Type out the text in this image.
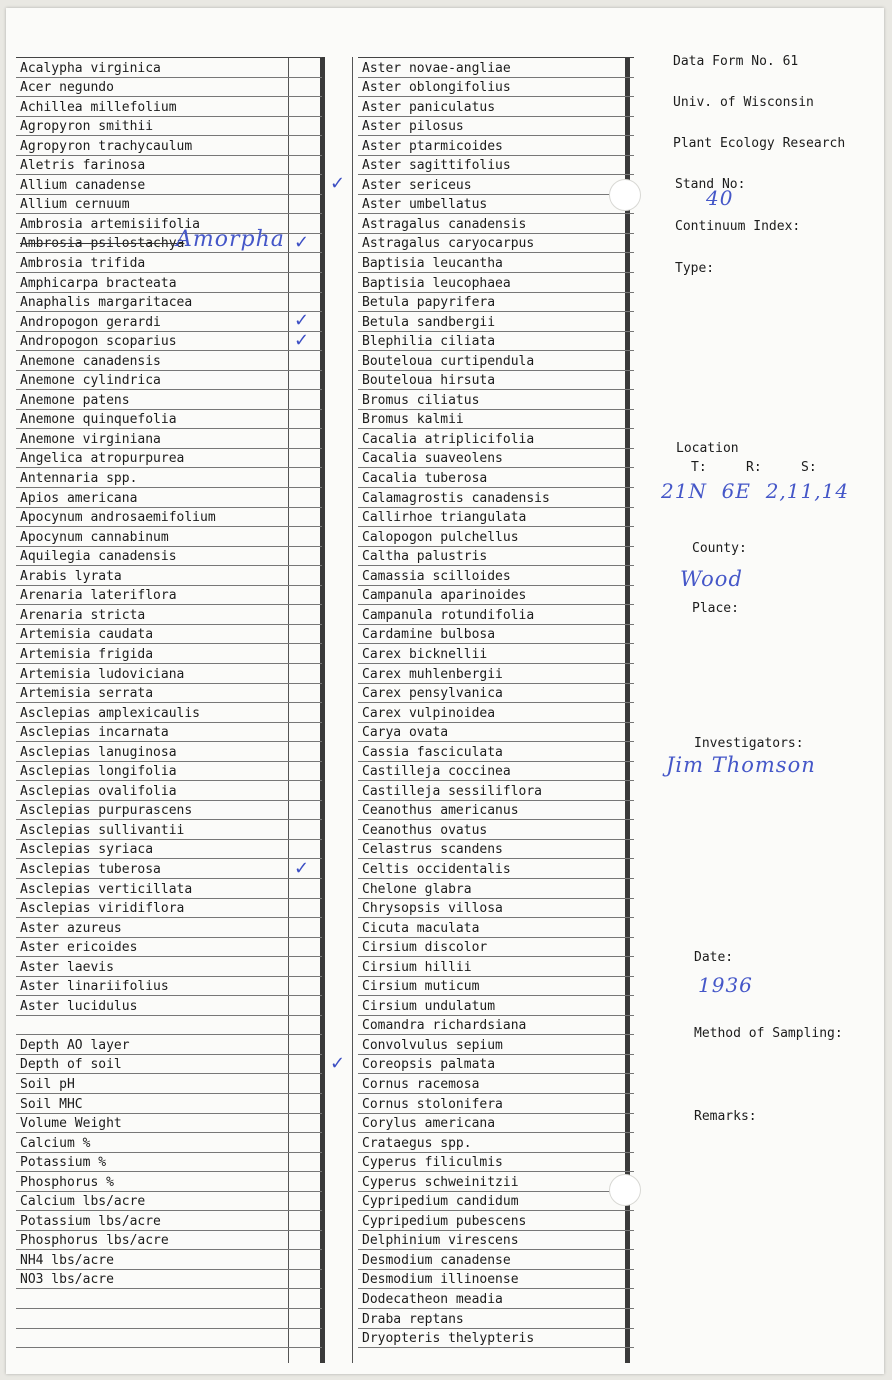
Acalypha virginica
Acer negundo
Achillea millefolium
Agropyron smithii
Agropyron trachycaulum
Aletris farinosa
Allium canadense
Allium cernuum
Ambrosia artemisiifolia
Ambrosia psilostachya
Ambrosia trifida
Amphicarpa bracteata
Anaphalis margaritacea
Andropogon gerardi
Andropogon scoparius
Anemone canadensis
Anemone cylindrica
Anemone patens
Anemone quinquefolia
Anemone virginiana
Angelica atropurpurea
Antennaria spp.
Apios americana
Apocynum androsaemifolium
Apocynum cannabinum
Aquilegia canadensis
Arabis lyrata
Arenaria lateriflora
Arenaria stricta
Artemisia caudata
Artemisia frigida
Artemisia ludoviciana
Artemisia serrata
Asclepias amplexicaulis
Asclepias incarnata
Asclepias lanuginosa
Asclepias longifolia
Asclepias ovalifolia
Asclepias purpurascens
Asclepias sullivantii
Asclepias syriaca
Asclepias tuberosa
Asclepias verticillata
Asclepias viridiflora
Aster azureus
Aster ericoides
Aster laevis
Aster linariifolius
Aster lucidulus
Depth AO layer
Depth of soil
Soil pH
Soil MHC
Volume Weight
Calcium %
Potassium %
Phosphorus %
Calcium lbs/acre
Potassium lbs/acre
Phosphorus lbs/acre
NH4 lbs/acre
NO3 lbs/acre
Aster novae-angliae
Aster oblongifolius
Aster paniculatus
Aster pilosus
Aster ptarmicoides
Aster sagittifolius
Aster sericeus
Aster umbellatus
Astragalus canadensis
Astragalus caryocarpus
Baptisia leucantha
Baptisia leucophaea
Betula papyrifera
Betula sandbergii
Blephilia ciliata
Bouteloua curtipendula
Bouteloua hirsuta
Bromus ciliatus
Bromus kalmii
Cacalia atriplicifolia
Cacalia suaveolens
Cacalia tuberosa
Calamagrostis canadensis
Callirhoe triangulata
Calopogon pulchellus
Caltha palustris
Camassia scilloides
Campanula aparinoides
Campanula rotundifolia
Cardamine bulbosa
Carex bicknellii
Carex muhlenbergii
Carex pensylvanica
Carex vulpinoidea
Carya ovata
Cassia fasciculata
Castilleja coccinea
Castilleja sessiliflora
Ceanothus americanus
Ceanothus ovatus
Celastrus scandens
Celtis occidentalis
Chelone glabra
Chrysopsis villosa
Cicuta maculata
Cirsium discolor
Cirsium hillii
Cirsium muticum
Cirsium undulatum
Comandra richardsiana
Convolvulus sepium
Coreopsis palmata
Cornus racemosa
Cornus stolonifera
Corylus americana
Crataegus spp.
Cyperus filiculmis
Cyperus schweinitzii
Cypripedium candidum
Cypripedium pubescens
Delphinium virescens
Desmodium canadense
Desmodium illinoense
Dodecatheon meadia
Draba reptans
Dryopteris thelypteris
Amorpha
Data Form No. 61
Univ. of Wisconsin
Plant Ecology Research
Stand No:
40
Continuum Index:
Type:
Location
T:	R:	S:
21N  6E  2,11,14
County:
Wood
Place:
Investigators:
Jim Thomson
Date:
1936
Method of Sampling:
Remarks:
✓
✓
✓
✓
✓
✓
